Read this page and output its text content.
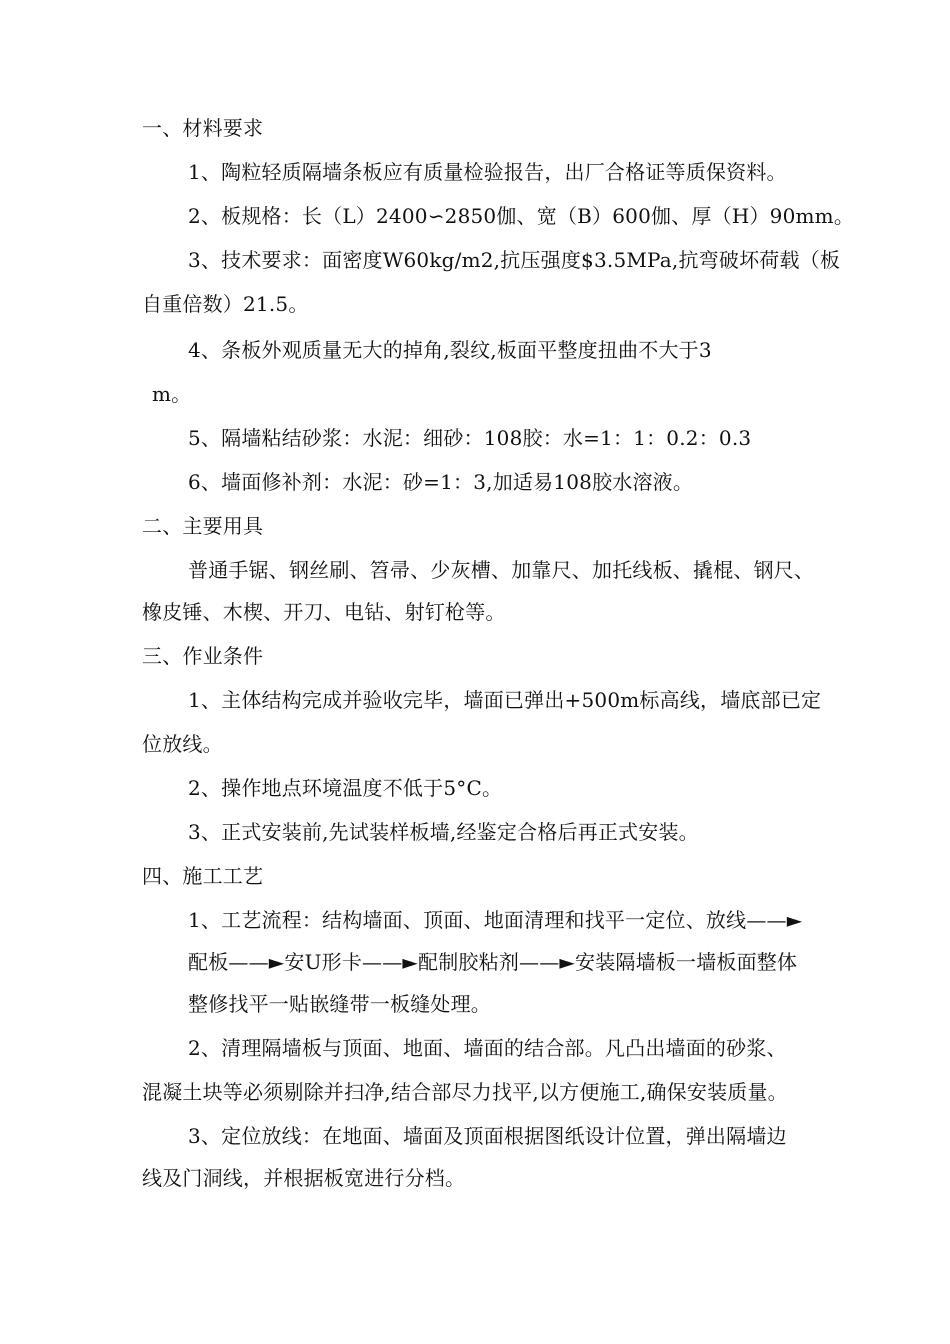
一、材料要求
1、陶粒轻质隔墙条板应有质量检验报告，出厂合格证等质保资料。
2、板规格：长（L）2400∽2850伽、宽（B）600伽、厚（H）90mm。
3、技术要求：面密度W60kg/m2,抗压强度$3.5MPa,抗弯破坏荷载（板
自重倍数）21.5。
4、条板外观质量无大的掉角,裂纹,板面平整度扭曲不大于3
m。
5、隔墙粘结砂浆：水泥：细砂：108胶：水=1：1：0.2：0.3
6、墙面修补剂：水泥：砂=1：3,加适易108胶水溶液。
二、主要用具
普通手锯、钢丝刷、笤帚、少灰槽、加靠尺、加托线板、撬棍、钢尺、
橡皮锤、木楔、开刀、电钻、射钉枪等。
三、作业条件
1、主体结构完成并验收完毕，墙面已弹出+500m标高线，墙底部已定
位放线。
2、操作地点环境温度不低于5°C。
3、正式安装前,先试装样板墙,经鉴定合格后再正式安装。
四、施工工艺
1、工艺流程：结构墙面、顶面、地面清理和找平一定位、放线——►
配板——►安U形卡——►配制胶粘剂——►安装隔墙板一墙板面整体
整修找平一贴嵌缝带一板缝处理。
2、清理隔墙板与顶面、地面、墙面的结合部。凡凸出墙面的砂浆、
混凝土块等必须剔除并扫净,结合部尽力找平,以方便施工,确保安装质量。
3、定位放线：在地面、墙面及顶面根据图纸设计位置，弹出隔墙边
线及门洞线，并根据板宽进行分档。
